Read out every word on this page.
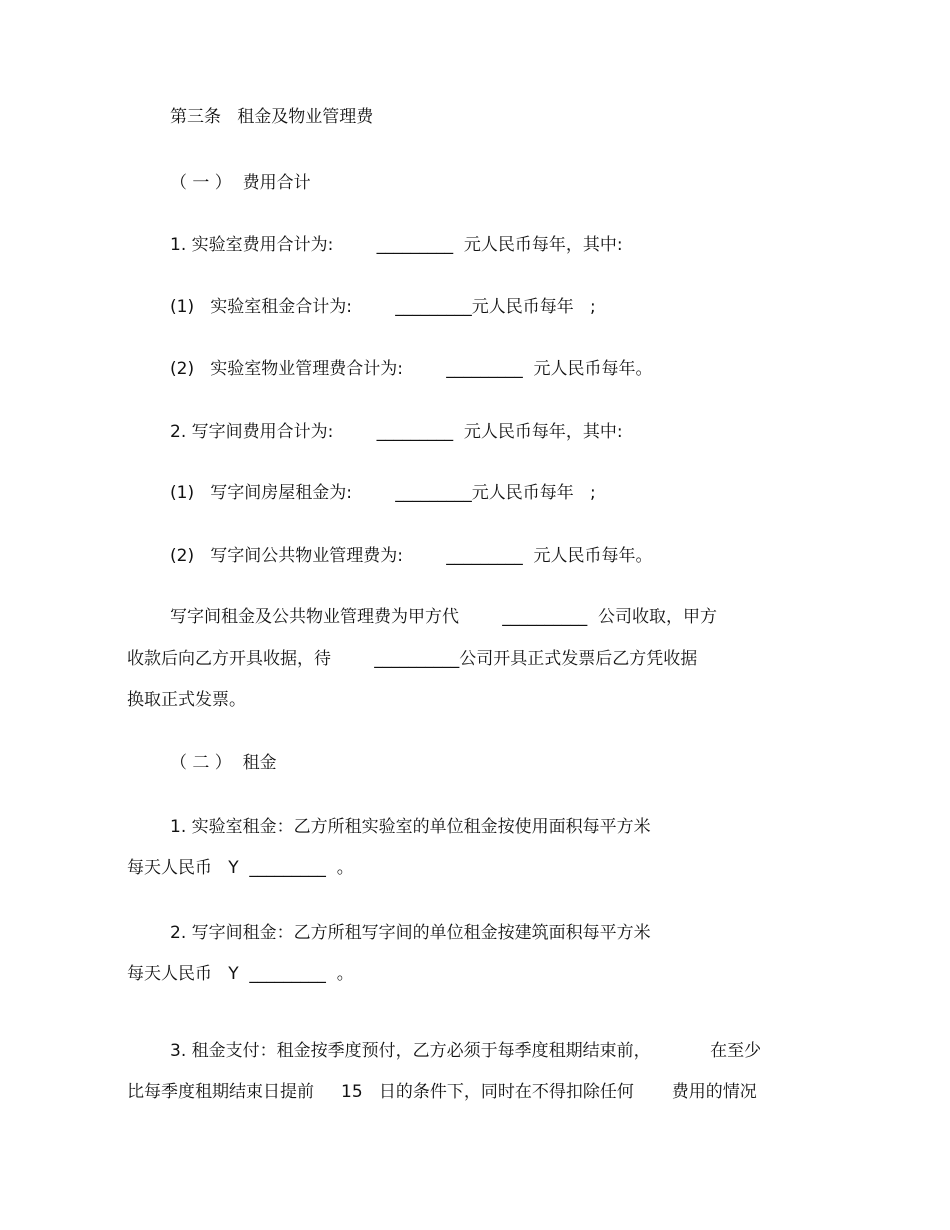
第三条   租金及物业管理费
（ 一 ）  费用合计
1. 实验室费用合计为:        _________  元人民币每年，其中:
(1)   实验室租金合计为:        _________元人民币每年   ;
(2)   实验室物业管理费合计为:        _________  元人民币每年。
2. 写字间费用合计为:        _________  元人民币每年，其中:
(1)   写字间房屋租金为:        _________元人民币每年   ;
(2)   写字间公共物业管理费为:        _________  元人民币每年。
写字间租金及公共物业管理费为甲方代        __________  公司收取，甲方
收款后向乙方开具收据，待        __________公司开具正式发票后乙方凭收据
换取正式发票。
（ 二 ）  租金
1. 实验室租金：乙方所租实验室的单位租金按使用面积每平方米
每天人民币   Y  _________  。
2. 写字间租金：乙方所租写字间的单位租金按建筑面积每平方米
每天人民币   Y  _________  。
3. 租金支付：租金按季度预付，乙方必须于每季度租期结束前，           在至少
比每季度租期结束日提前     15   日的条件下，同时在不得扣除任何       费用的情况
